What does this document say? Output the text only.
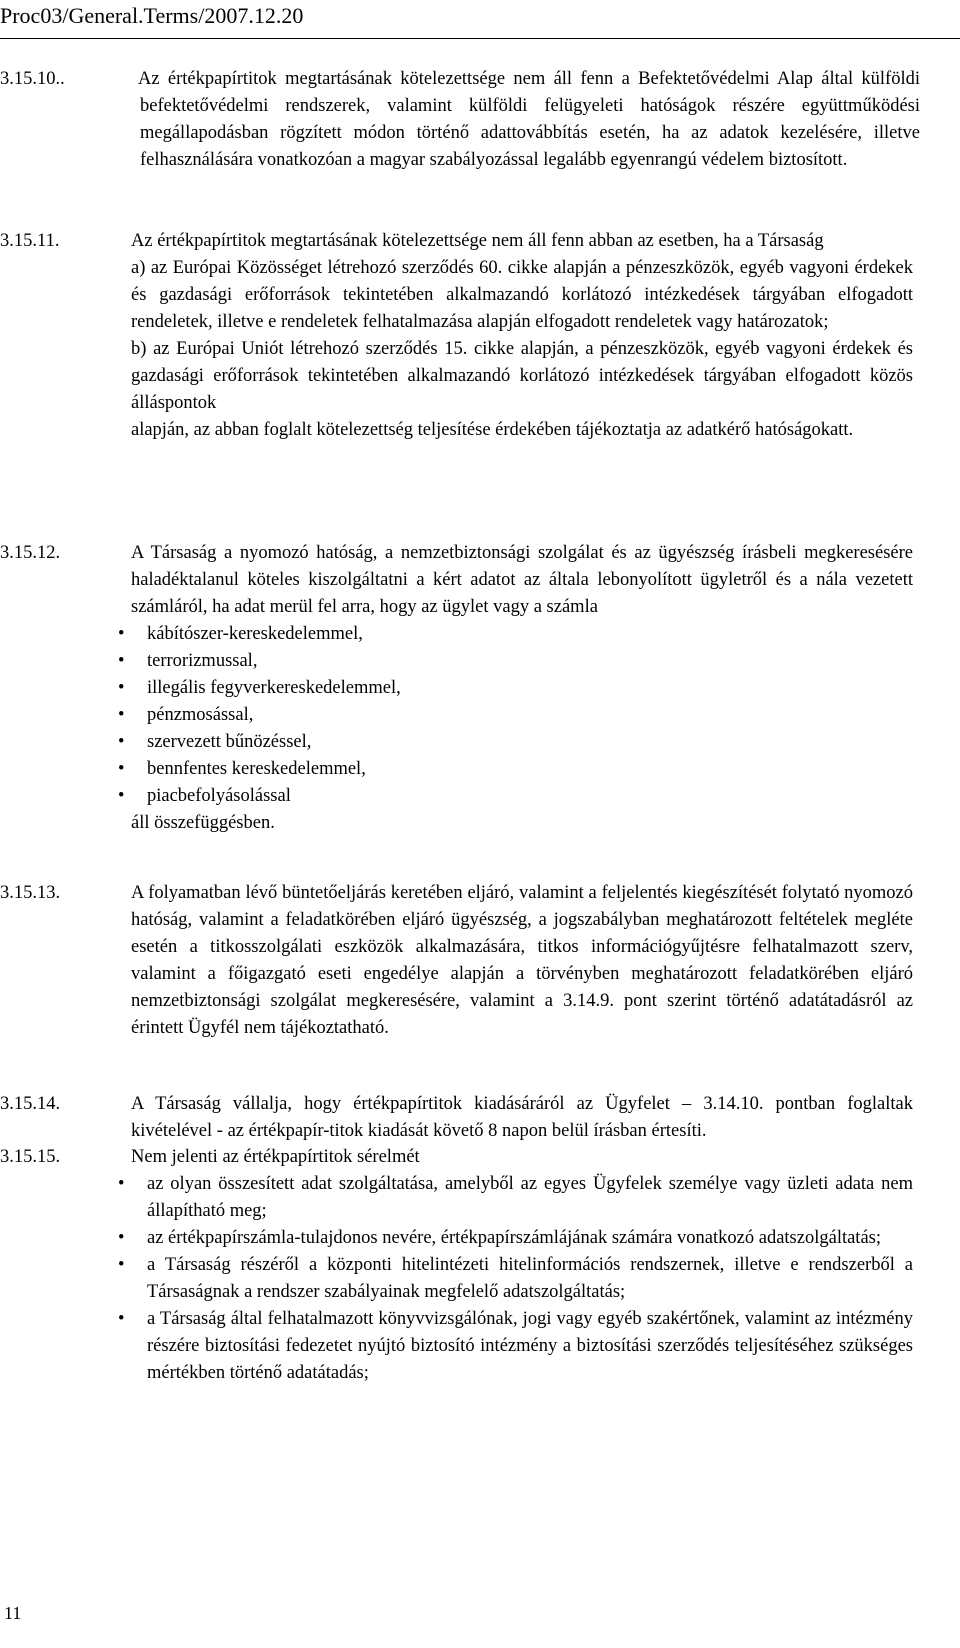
Proc03/General.Terms/2007.12.20
3.15.10..	Az értékpapírtitok megtartásának kötelezettsége nem áll fenn a Befektetővédelmi Alap által külföldi befektetővédelmi rendszerek, valamint külföldi felügyeleti hatóságok részére együttműködési megállapodásban rögzített módon történő adattovábbítás esetén, ha az adatok kezelésére, illetve felhasználására vonatkozóan a magyar szabályozással legalább egyenrangú védelem biztosított.

3.15.11.	Az értékpapírtitok megtartásának kötelezettsége nem áll fenn abban az esetben, ha a Társaság

a) az Európai Közösséget létrehozó szerződés 60. cikke alapján a pénzeszközök, egyéb vagyoni érdekek és gazdasági erőforrások tekintetében alkalmazandó korlátozó intézkedések tárgyában elfogadott rendeletek, illetve e rendeletek felhatalmazása alapján elfogadott rendeletek vagy határozatok;

b) az Európai Uniót létrehozó szerződés 15. cikke alapján, a pénzeszközök, egyéb vagyoni érdekek és gazdasági erőforrások tekintetében alkalmazandó korlátozó intézkedések tárgyában elfogadott közös álláspontok

alapján, az abban foglalt kötelezettség teljesítése érdekében tájékoztatja az adatkérő hatóságokatt.

3.15.12.	A Társaság a nyomozó hatóság, a nemzetbiztonsági szolgálat és az ügyészség írásbeli megkeresésére haladéktalanul köteles kiszolgáltatni a kért adatot az általa lebonyolított ügyletről és a nála vezetett számláról, ha adat merül fel arra, hogy az ügylet vagy a számla

• kábítószer-kereskedelemmel,
• terrorizmussal,
• illegális fegyverkereskedelemmel,
• pénzmosással,
• szervezett bűnözéssel,
• bennfentes kereskedelemmel,
• piacbefolyásolással

áll összefüggésben.

3.15.13.	A folyamatban lévő büntetőeljárás keretében eljáró, valamint a feljelentés kiegészítését folytató nyomozó hatóság, valamint a feladatkörében eljáró ügyészség, a jogszabályban meghatározott feltételek megléte esetén a titkosszolgálati eszközök alkalmazására, titkos információgyűjtésre felhatalmazott szerv, valamint a főigazgató eseti engedélye alapján a törvényben meghatározott feladatkörében eljáró nemzetbiztonsági szolgálat megkeresésére, valamint a 3.14.9. pont szerint történő adatátadásról az érintett Ügyfél nem tájékoztatható.

3.15.14.	A Társaság vállalja, hogy értékpapírtitok kiadásáráról az Ügyfelet – 3.14.10. pontban foglaltak kivételével - az értékpapír-titok kiadását követő 8 napon belül írásban értesíti.

3.15.15.	Nem jelenti az értékpapírtitok sérelmét

• az olyan összesített adat szolgáltatása, amelyből az egyes Ügyfelek személye vagy üzleti adata nem állapítható meg;
• az értékpapírszámla-tulajdonos nevére, értékpapírszámlájának számára vonatkozó adatszolgáltatás;
• a Társaság részéről a központi hitelintézeti hitelinformációs rendszernek, illetve e rendszerből a Társaságnak a rendszer szabályainak megfelelő adatszolgáltatás;
• a Társaság által felhatalmazott könyvvizsgálónak, jogi vagy egyéb szakértőnek, valamint az intézmény részére biztosítási fedezetet nyújtó biztosító intézmény a biztosítási szerződés teljesítéséhez szükséges mértékben történő adatátadás;
11
